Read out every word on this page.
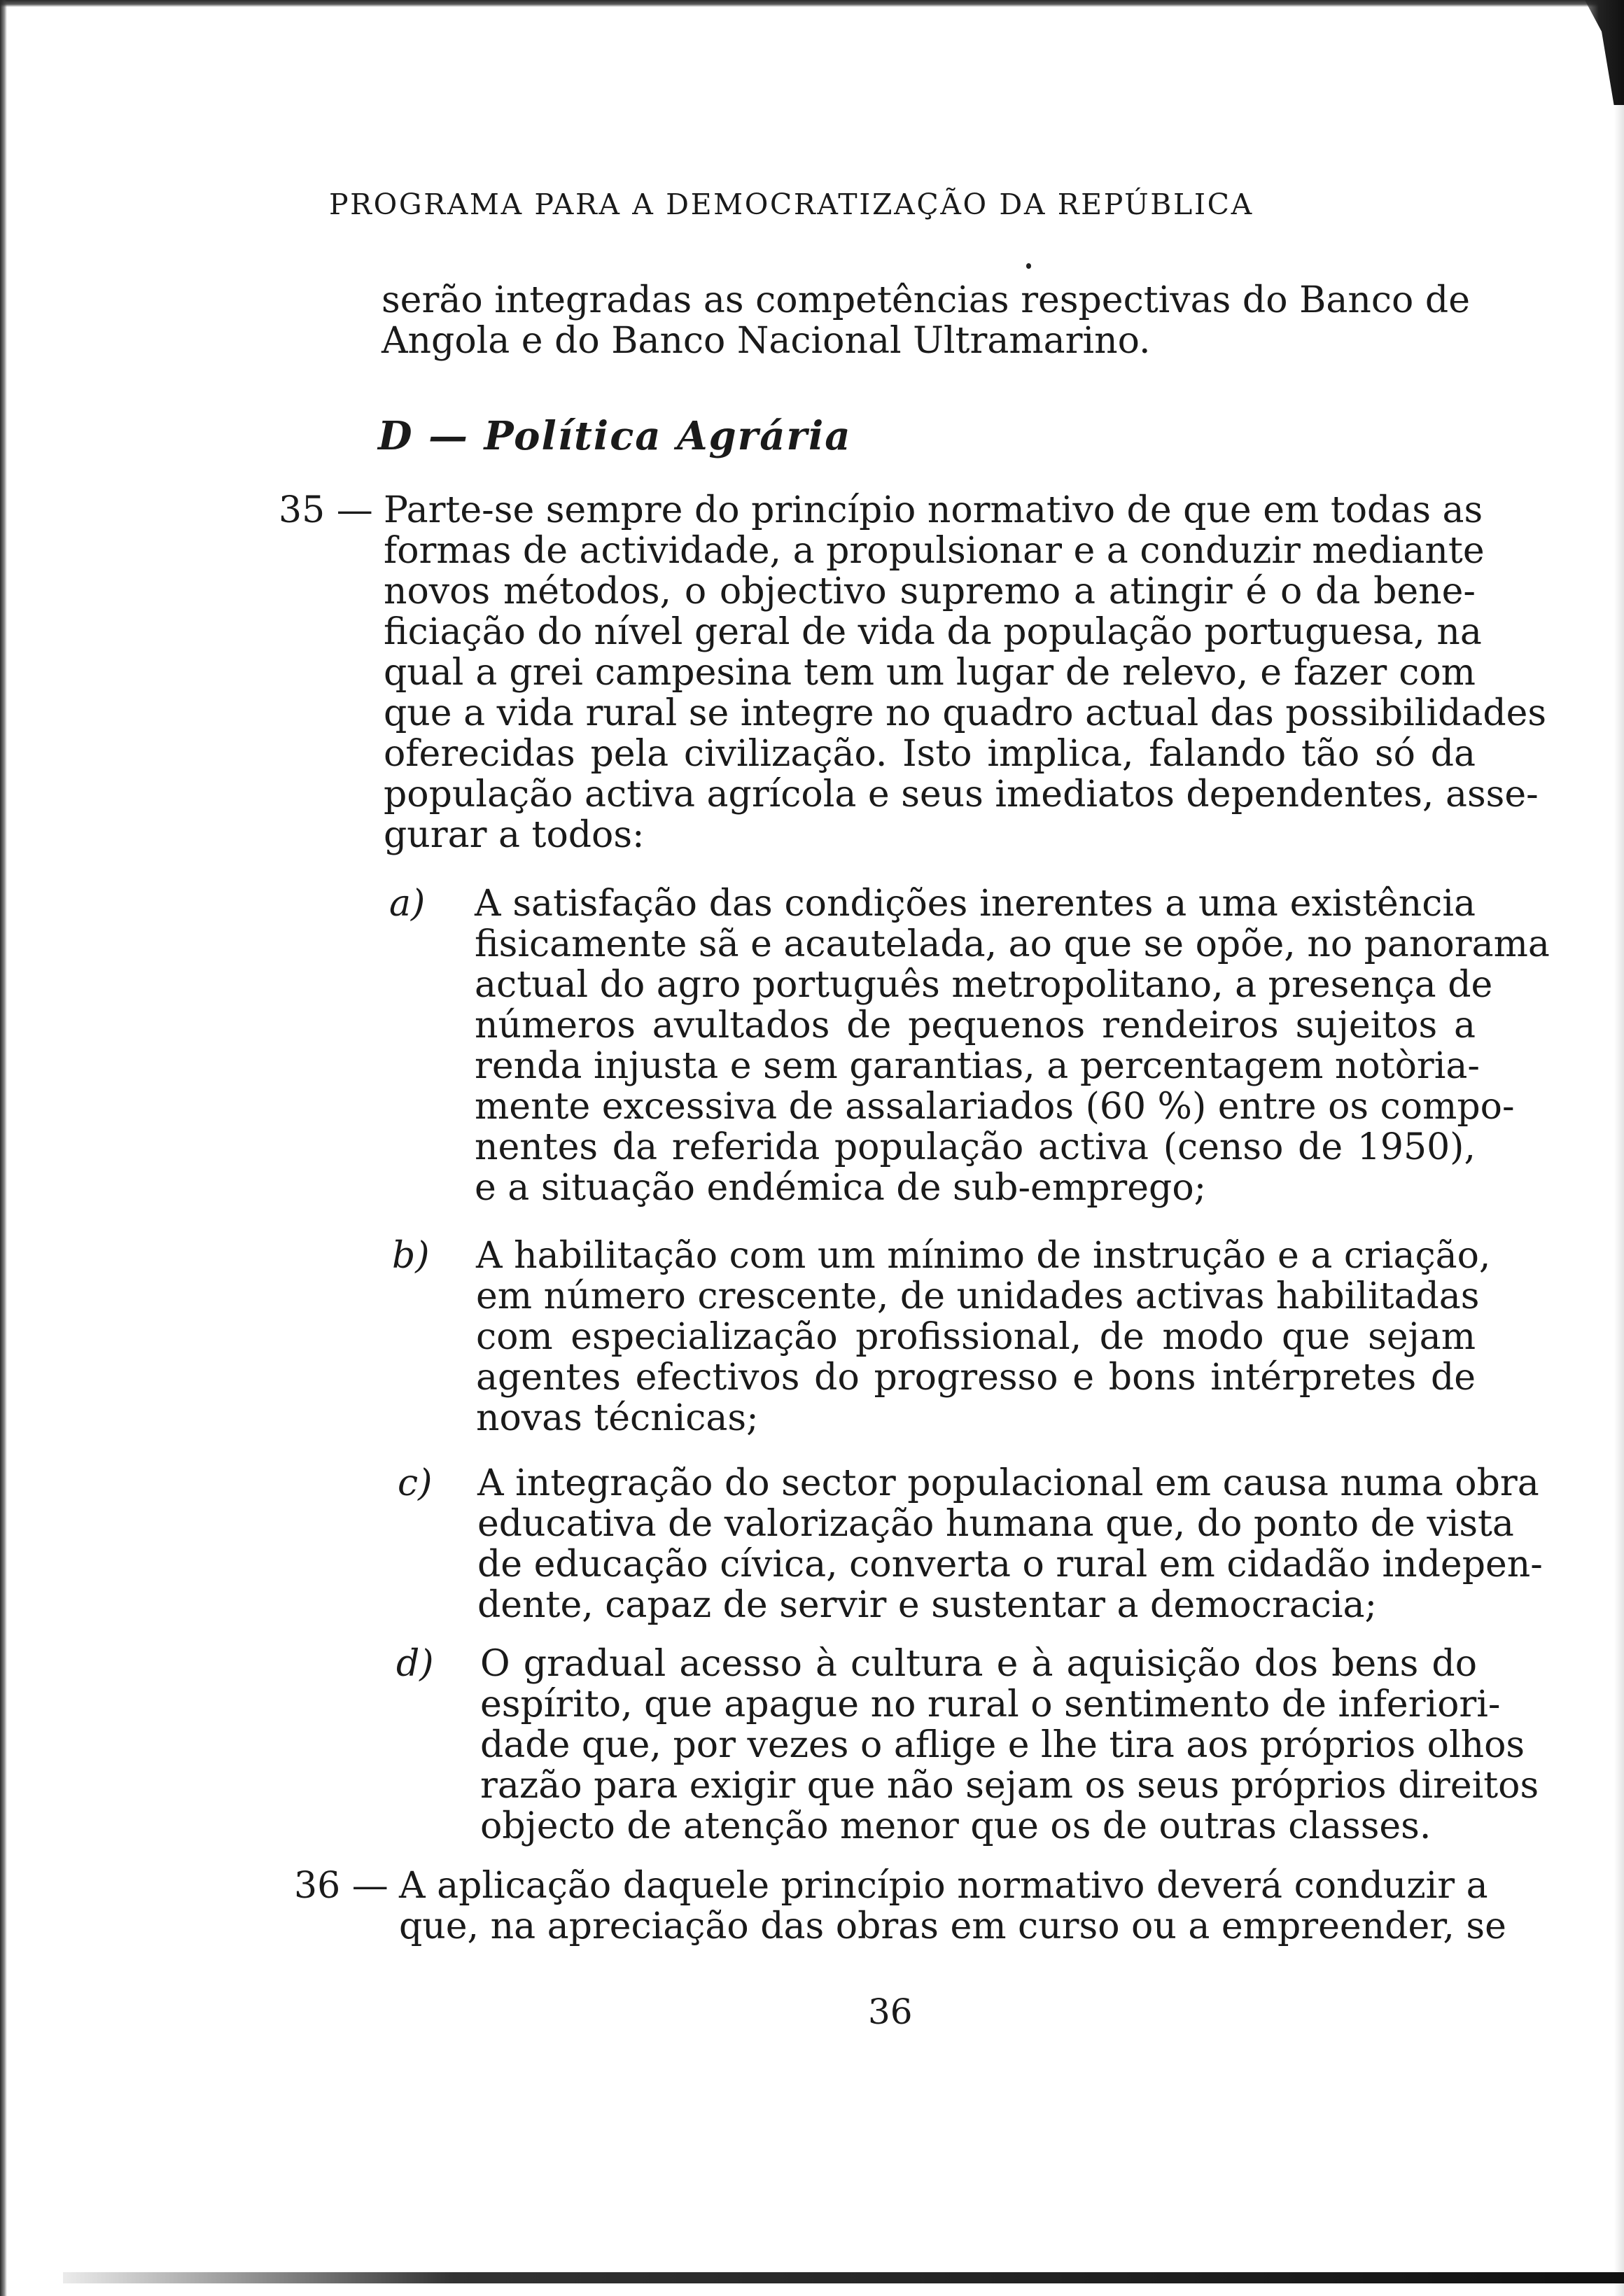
PROGRAMA PARA A DEMOCRATIZAÇÃO DA REPÚBLICA
serão integradas as competências respectivas do Banco de
Angola e do Banco Nacional Ultramarino.
D — Política Agrária
35 — Parte-se sempre do princípio normativo de que em todas as
formas de actividade, a propulsionar e a conduzir mediante
novos métodos, o objectivo supremo a atingir é o da bene-
ficiação do nível geral de vida da população portuguesa, na
qual a grei campesina tem um lugar de relevo, e fazer com
que a vida rural se integre no quadro actual das possibilidades
oferecidas pela civilização. Isto implica, falando tão só da
população activa agrícola e seus imediatos dependentes, asse-
gurar a todos:
a) A satisfação das condições inerentes a uma existência
fisicamente sã e acautelada, ao que se opõe, no panorama
actual do agro português metropolitano, a presença de
números avultados de pequenos rendeiros sujeitos a
renda injusta e sem garantias, a percentagem notòria-
mente excessiva de assalariados (60 %) entre os compo-
nentes da referida população activa (censo de 1950),
e a situação endémica de sub-emprego;
b) A habilitação com um mínimo de instrução e a criação,
em número crescente, de unidades activas habilitadas
com especialização profissional, de modo que sejam
agentes efectivos do progresso e bons intérpretes de
novas técnicas;
c) A integração do sector populacional em causa numa obra
educativa de valorização humana que, do ponto de vista
de educação cívica, converta o rural em cidadão indepen-
dente, capaz de servir e sustentar a democracia;
d) O gradual acesso à cultura e à aquisição dos bens do
espírito, que apague no rural o sentimento de inferiori-
dade que, por vezes o aflige e lhe tira aos próprios olhos
razão para exigir que não sejam os seus próprios direitos
objecto de atenção menor que os de outras classes.
36 — A aplicação daquele princípio normativo deverá conduzir a
que, na apreciação das obras em curso ou a empreender, se
36
